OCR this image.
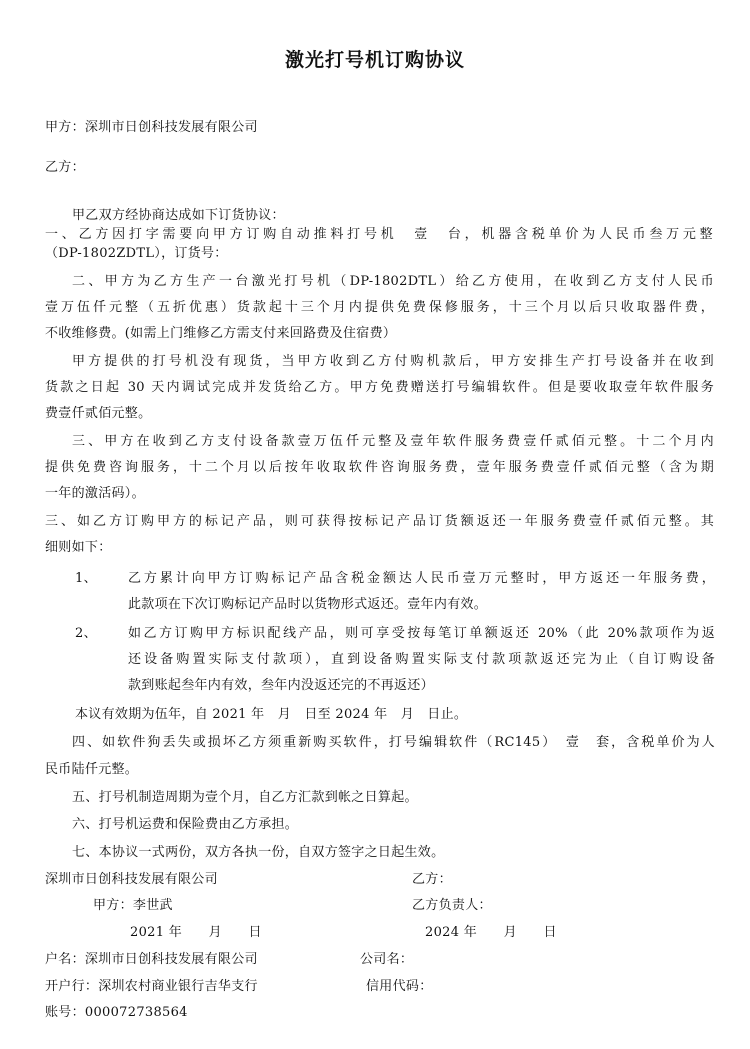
激光打号机订购协议
甲方：深圳市日创科技发展有限公司
乙方：
甲乙双方经协商达成如下订货协议：
一、乙方因打字需要向甲方订购自动推料打号机　壹　台，机器含税单价为人民币叁万元整
（DP-1802ZDTL），订货号：
二、甲方为乙方生产一台激光打号机（DP-1802DTL）给乙方使用，在收到乙方支付人民币
壹万伍仟元整（五折优惠）货款起十三个月内提供免费保修服务，十三个月以后只收取器件费，
不收维修费。(如需上门维修乙方需支付来回路费及住宿费）
甲方提供的打号机没有现货，当甲方收到乙方付购机款后，甲方安排生产打号设备并在收到
货款之日起 30 天内调试完成并发货给乙方。甲方免费赠送打号编辑软件。但是要收取壹年软件服务
费壹仟贰佰元整。
三、甲方在收到乙方支付设备款壹万伍仟元整及壹年软件服务费壹仟贰佰元整。十二个月内
提供免费咨询服务，十二个月以后按年收取软件咨询服务费，壹年服务费壹仟贰佰元整（含为期
一年的激活码）。
三、如乙方订购甲方的标记产品，则可获得按标记产品订货额返还一年服务费壹仟贰佰元整。其
细则如下：
1、 乙方累计向甲方订购标记产品含税金额达人民币壹万元整时，甲方返还一年服务费，
此款项在下次订购标记产品时以货物形式返还。壹年内有效。
2、 如乙方订购甲方标识配线产品，则可享受按每笔订单额返还 20%（此 20%款项作为返
还设备购置实际支付款项），直到设备购置实际支付款项款返还完为止（自订购设备
款到账起叁年内有效，叁年内没返还完的不再返还）
本议有效期为伍年，自 2021 年　月　日至 2024 年　月　日止。
四、如软件狗丢失或损坏乙方须重新购买软件，打号编辑软件（RC145）　壹　套，含税单价为人
民币陆仟元整。
五、打号机制造周期为壹个月，自乙方汇款到帐之日算起。
六、打号机运费和保险费由乙方承担。
七、本协议一式两份，双方各执一份，自双方签字之日起生效。
深圳市日创科技发展有限公司	乙方：
甲方：李世武	乙方负责人：
2021 年　　月　　日	2024 年　　月　　日
户名：深圳市日创科技发展有限公司	公司名：
开户行：深圳农村商业银行吉华支行	信用代码：
账号：000072738564
